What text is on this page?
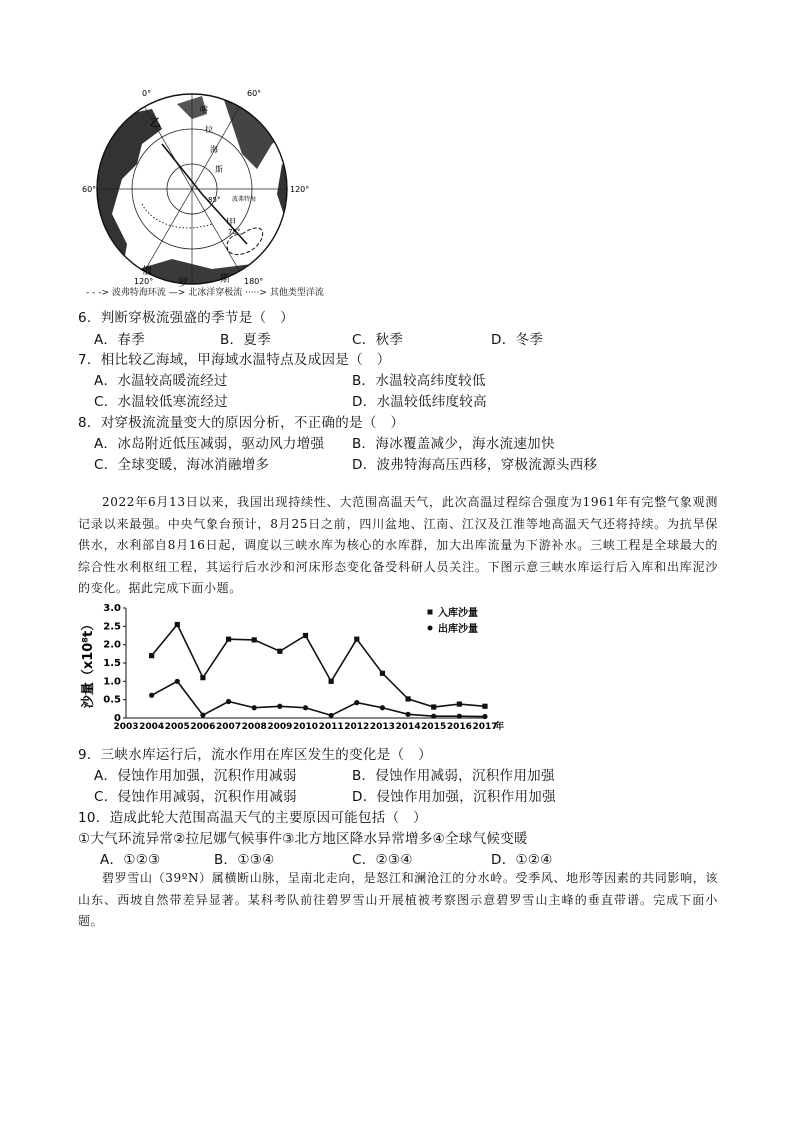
0°	60°
60°	120°
120°	180°
85°
75°
乙
甲
喀
拉
海
斯
俄
罗	斯
波弗特海
楚科奇海
- - -> 波弗特海环流 —> 北冰洋穿极流 ·····> 其他类型洋流
6．判断穿极流强盛的季节是（　）
A．春季	B．夏季	C．秋季	D．冬季
7．相比较乙海域，甲海域水温特点及成因是（　）
A．水温较高暖流经过	B．水温较高纬度较低
C．水温较低寒流经过	D．水温较低纬度较高
8．对穿极流流量变大的原因分析，不正确的是（　）
A．冰岛附近低压减弱，驱动风力增强 B．海冰覆盖减少，海水流速加快
C．全球变暖，海冰消融增多	D．波弗特海高压西移，穿极流源头西移
2022年6月13日以来，我国出现持续性、大范围高温天气，此次高温过程综合强度为1961年有完整气象观测记录以来最强。中央气象台预计，8月25日之前，四川盆地、江南、江汉及江淮等地高温天气还将持续。为抗旱保供水，水利部自8月16日起，调度以三峡水库为核心的水库群，加大出库流量为下游补水。三峡工程是全球最大的综合性水利枢纽工程，其运行后水沙和河床形态变化备受科研人员关注。下图示意三峡水库运行后入库和出库泥沙的变化。据此完成下面小题。
0
0.5
1.0
1.5
2.0
2.5
3.0
2003 2004 2005 2006 2007 2008 2009 2010 2011 2012 2013 2014 2015 2016 2017
年
沙量（x10⁸t）
入库沙量
出库沙量
9．三峡水库运行后，流水作用在库区发生的变化是（　）
A．侵蚀作用加强，沉积作用减弱	B．侵蚀作用减弱，沉积作用加强
C．侵蚀作用减弱，沉积作用减弱	D．侵蚀作用加强，沉积作用加强
10．造成此轮大范围高温天气的主要原因可能包括（　）
①大气环流异常②拉尼娜气候事件③北方地区降水异常增多④全球气候变暖
A．①②③	B．①③④	C．②③④	D．①②④
碧罗雪山（39ºN）属横断山脉，呈南北走向，是怒江和澜沧江的分水岭。受季风、地形等因素的共同影响，该山东、西坡自然带差异显著。某科考队前往碧罗雪山开展植被考察图示意碧罗雪山主峰的垂直带谱。完成下面小题。
